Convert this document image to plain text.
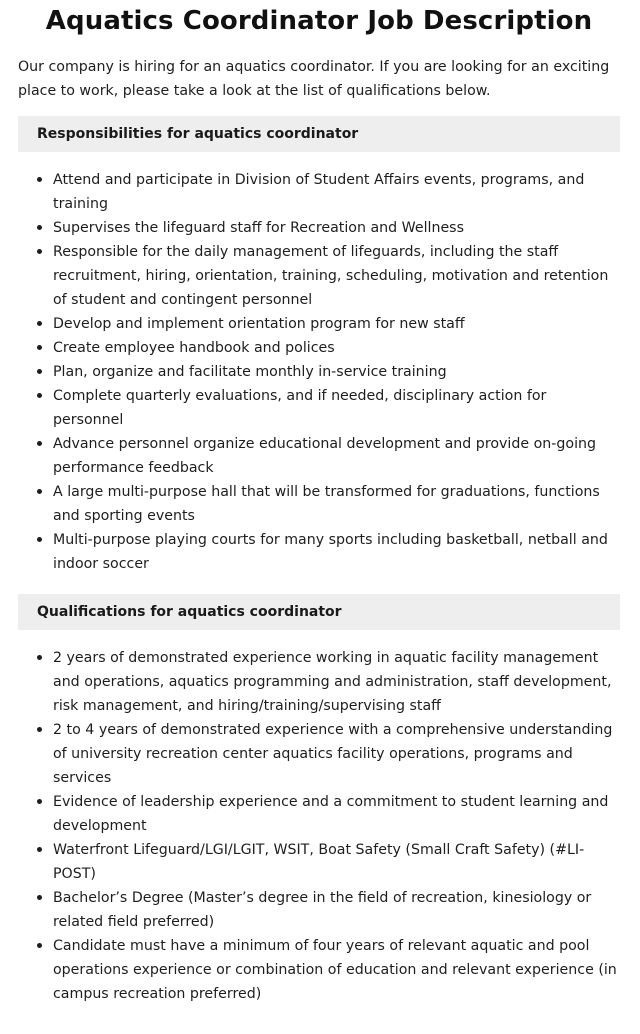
Aquatics Coordinator Job Description

Our company is hiring for an aquatics coordinator. If you are looking for an exciting place to work, please take a look at the list of qualifications below.

Responsibilities for aquatics coordinator
Attend and participate in Division of Student Affairs events, programs, and training
Supervises the lifeguard staff for Recreation and Wellness
Responsible for the daily management of lifeguards, including the staff recruitment, hiring, orientation, training, scheduling, motivation and retention of student and contingent personnel
Develop and implement orientation program for new staff
Create employee handbook and polices
Plan, organize and facilitate monthly in-service training
Complete quarterly evaluations, and if needed, disciplinary action for personnel
Advance personnel organize educational development and provide on-going performance feedback
A large multi-purpose hall that will be transformed for graduations, functions and sporting events
Multi-purpose playing courts for many sports including basketball, netball and indoor soccer
Qualifications for aquatics coordinator
2 years of demonstrated experience working in aquatic facility management and operations, aquatics programming and administration, staff development, risk management, and hiring/training/supervising staff
2 to 4 years of demonstrated experience with a comprehensive understanding of university recreation center aquatics facility operations, programs and services
Evidence of leadership experience and a commitment to student learning and development
Waterfront Lifeguard/LGI/LGIT, WSIT, Boat Safety (Small Craft Safety) (#LI-POST)
Bachelor’s Degree (Master’s degree in the field of recreation, kinesiology or related field preferred)
Candidate must have a minimum of four years of relevant aquatic and pool operations experience or combination of education and relevant experience (in campus recreation preferred)
